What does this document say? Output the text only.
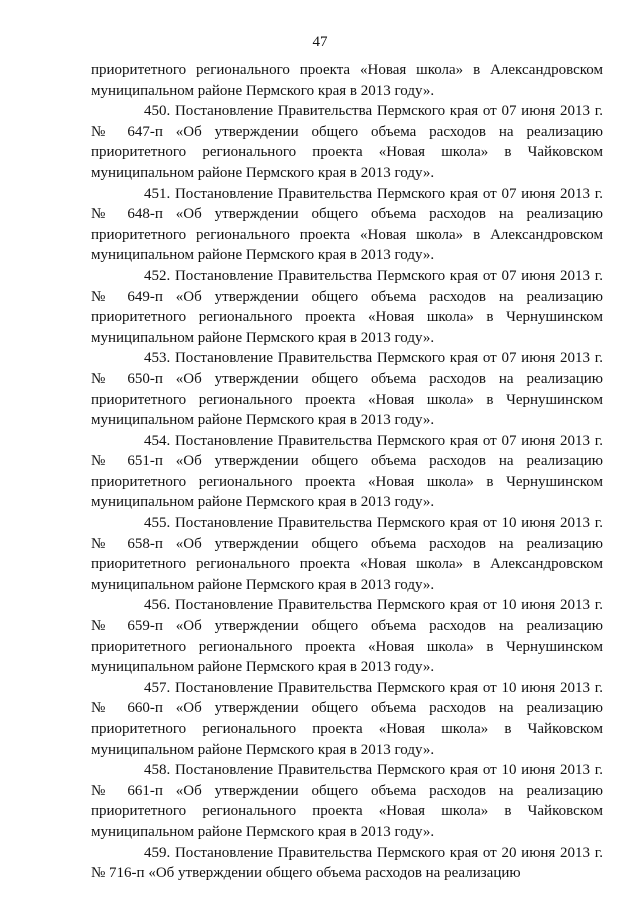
47

приоритетного регионального проекта «Новая школа» в Александровском муниципальном районе Пермского края в 2013 году».

450. Постановление Правительства Пермского края от 07 июня 2013 г. № 647-п «Об утверждении общего объема расходов на реализацию приоритетного регионального проекта «Новая школа» в Чайковском муниципальном районе Пермского края в 2013 году».

451. Постановление Правительства Пермского края от 07 июня 2013 г. № 648-п «Об утверждении общего объема расходов на реализацию приоритетного регионального проекта «Новая школа» в Александровском муниципальном районе Пермского края в 2013 году».

452. Постановление Правительства Пермского края от 07 июня 2013 г. № 649-п «Об утверждении общего объема расходов на реализацию приоритетного регионального проекта «Новая школа» в Чернушинском муниципальном районе Пермского края в 2013 году».

453. Постановление Правительства Пермского края от 07 июня 2013 г. № 650-п «Об утверждении общего объема расходов на реализацию приоритетного регионального проекта «Новая школа» в Чернушинском муниципальном районе Пермского края в 2013 году».

454. Постановление Правительства Пермского края от 07 июня 2013 г. № 651-п «Об утверждении общего объема расходов на реализацию приоритетного регионального проекта «Новая школа» в Чернушинском муниципальном районе Пермского края в 2013 году».

455. Постановление Правительства Пермского края от 10 июня 2013 г. № 658-п «Об утверждении общего объема расходов на реализацию приоритетного регионального проекта «Новая школа» в Александровском муниципальном районе Пермского края в 2013 году».

456. Постановление Правительства Пермского края от 10 июня 2013 г. № 659-п «Об утверждении общего объема расходов на реализацию приоритетного регионального проекта «Новая школа» в Чернушинском муниципальном районе Пермского края в 2013 году».

457. Постановление Правительства Пермского края от 10 июня 2013 г. № 660-п «Об утверждении общего объема расходов на реализацию приоритетного регионального проекта «Новая школа» в Чайковском муниципальном районе Пермского края в 2013 году».

458. Постановление Правительства Пермского края от 10 июня 2013 г. № 661-п «Об утверждении общего объема расходов на реализацию приоритетного регионального проекта «Новая школа» в Чайковском муниципальном районе Пермского края в 2013 году».

459. Постановление Правительства Пермского края от 20 июня 2013 г. № 716-п «Об утверждении общего объема расходов на реализацию
